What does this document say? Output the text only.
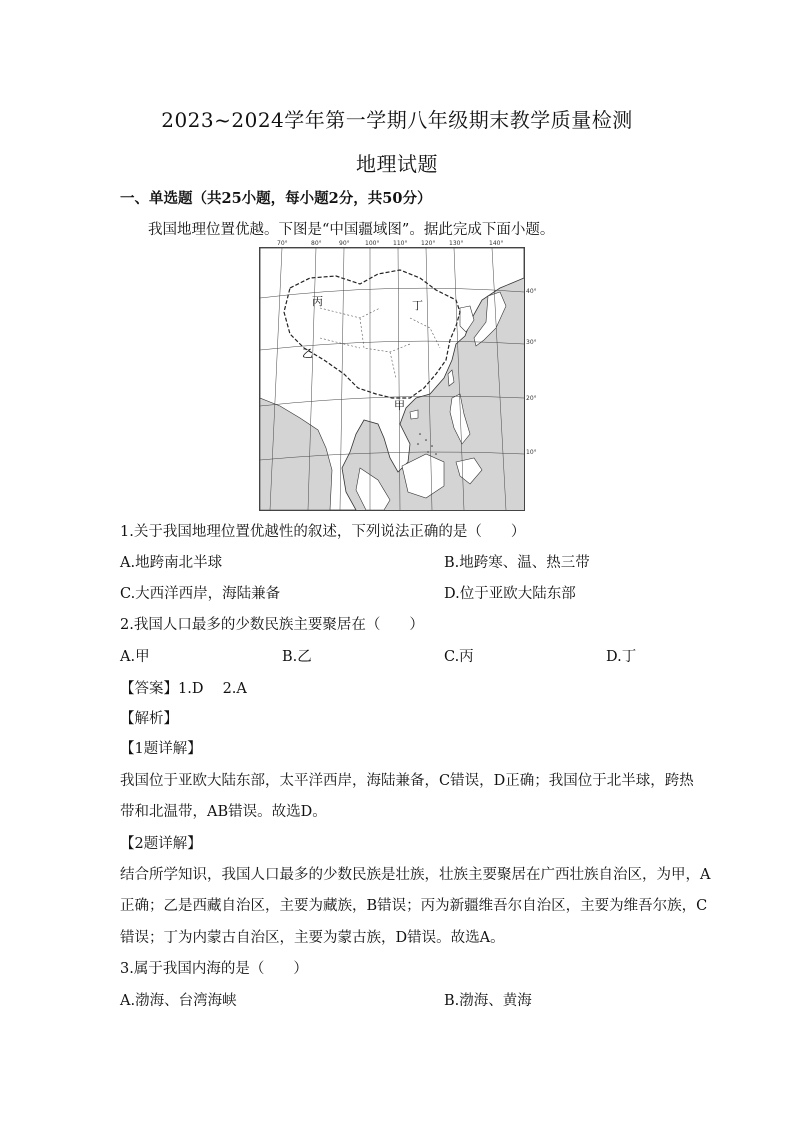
2023~2024学年第一学期八年级期末教学质量检测
地理试题
一、单选题（共25小题，每小题2分，共50分）
我国地理位置优越。下图是“中国疆域图”。据此完成下面小题。
70°	80°	90°	100° 110° 120° 130°	140°
40°
30°
20°
10°
丙	丁
乙
甲
1.关于我国地理位置优越性的叙述，下列说法正确的是（　　）
A.地跨南北半球	B.地跨寒、温、热三带
C.大西洋西岸，海陆兼备	D.位于亚欧大陆东部
2.我国人口最多的少数民族主要聚居在（　　）
A.甲	B.乙	C.丙	D.丁
【答案】1.D　 2.A
【解析】
【1题详解】
我国位于亚欧大陆东部，太平洋西岸，海陆兼备，C错误，D正确；我国位于北半球，跨热
带和北温带，AB错误。故选D。
【2题详解】
结合所学知识，我国人口最多的少数民族是壮族，壮族主要聚居在广西壮族自治区，为甲，A
正确；乙是西藏自治区，主要为藏族，B错误；丙为新疆维吾尔自治区，主要为维吾尔族，C
错误；丁为内蒙古自治区，主要为蒙古族，D错误。故选A。
3.属于我国内海的是（　　）
A.渤海、台湾海峡	B.渤海、黄海
